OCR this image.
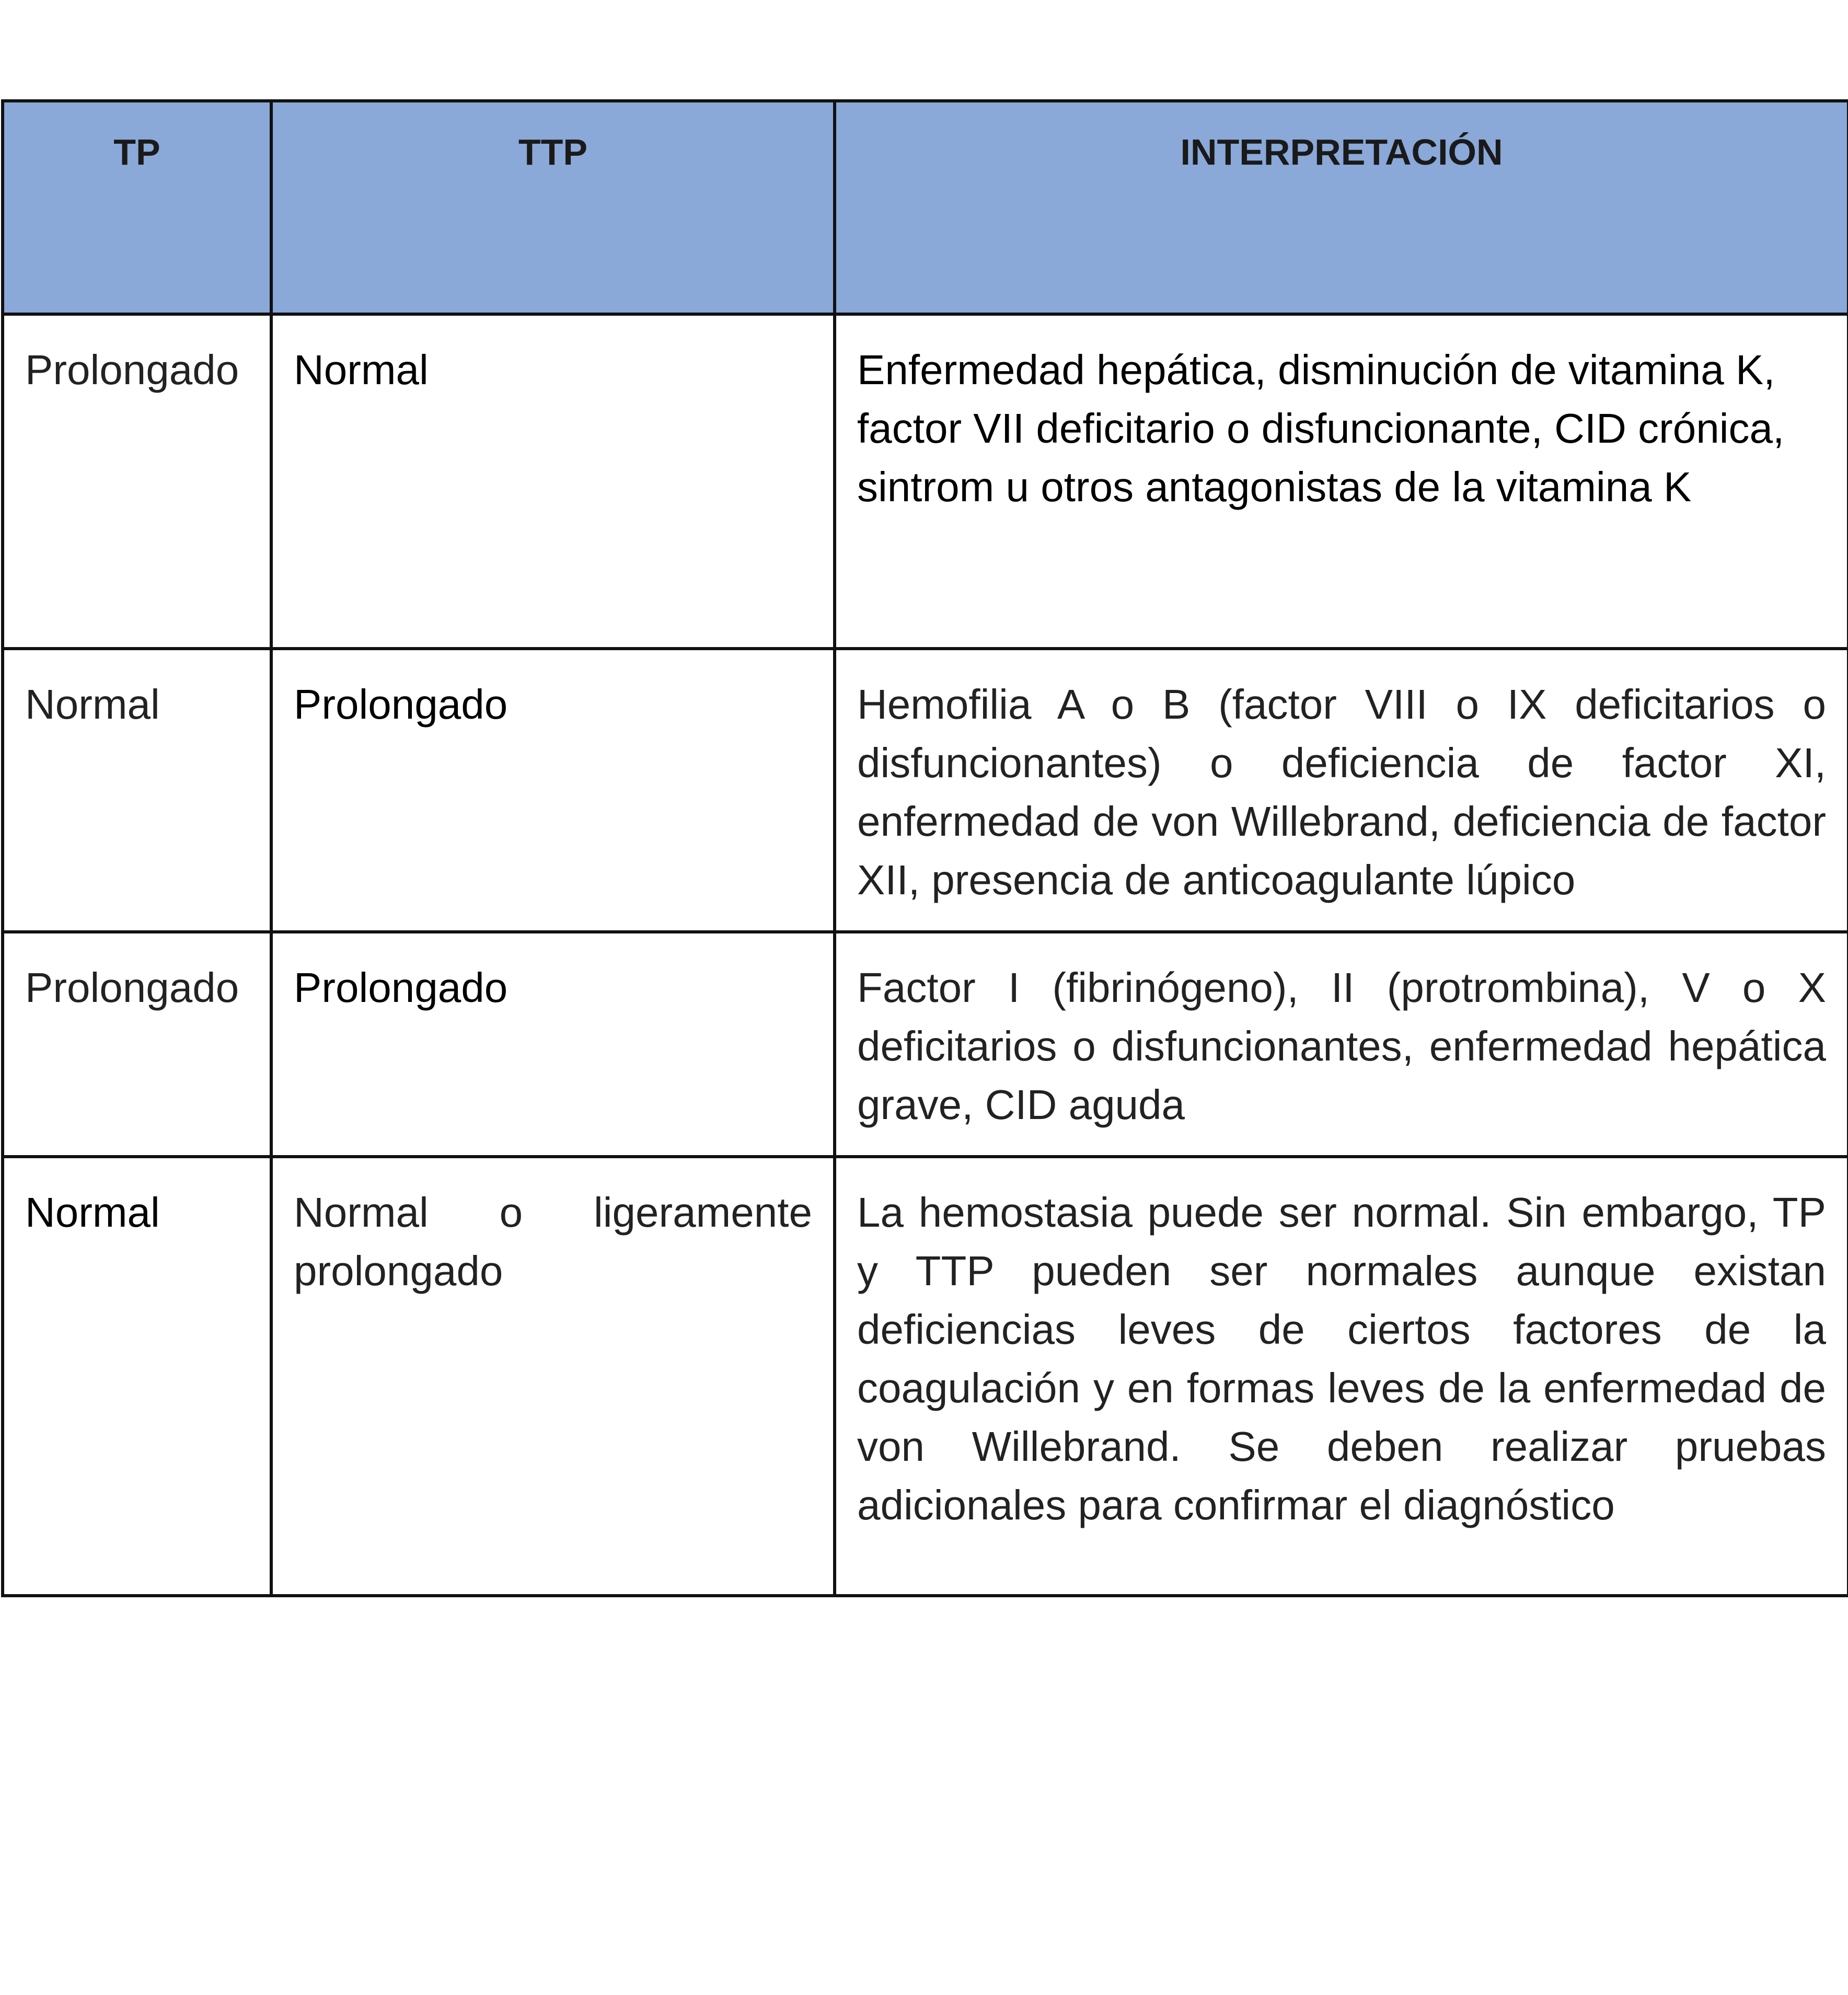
TP	TTP	INTERPRETACIÓN
Prolongado	Normal	Enfermedad hepática, disminución de vitamina K, factor VII deficitario o disfuncionante, CID crónica, sintrom u otros antagonistas de la vitamina K
Normal	Prolongado	Hemofilia A o B (factor VIII o IX deficitarios o disfuncionantes) o deficiencia de factor XI, enfermedad de von Willebrand, deficiencia de factor XII, presencia de anticoagulante lúpico
Prolongado	Prolongado	Factor I (fibrinógeno), II (protrombina), V o X deficitarios o disfuncionantes, enfermedad hepática grave, CID aguda
Normal	Normal o ligeramente prolongado	La hemostasia puede ser normal. Sin embargo, TP y TTP pueden ser normales aunque existan deficiencias leves de ciertos factores de la coagulación y en formas leves de la enfermedad de von Willebrand. Se deben realizar pruebas adicionales para confirmar el diagnóstico
